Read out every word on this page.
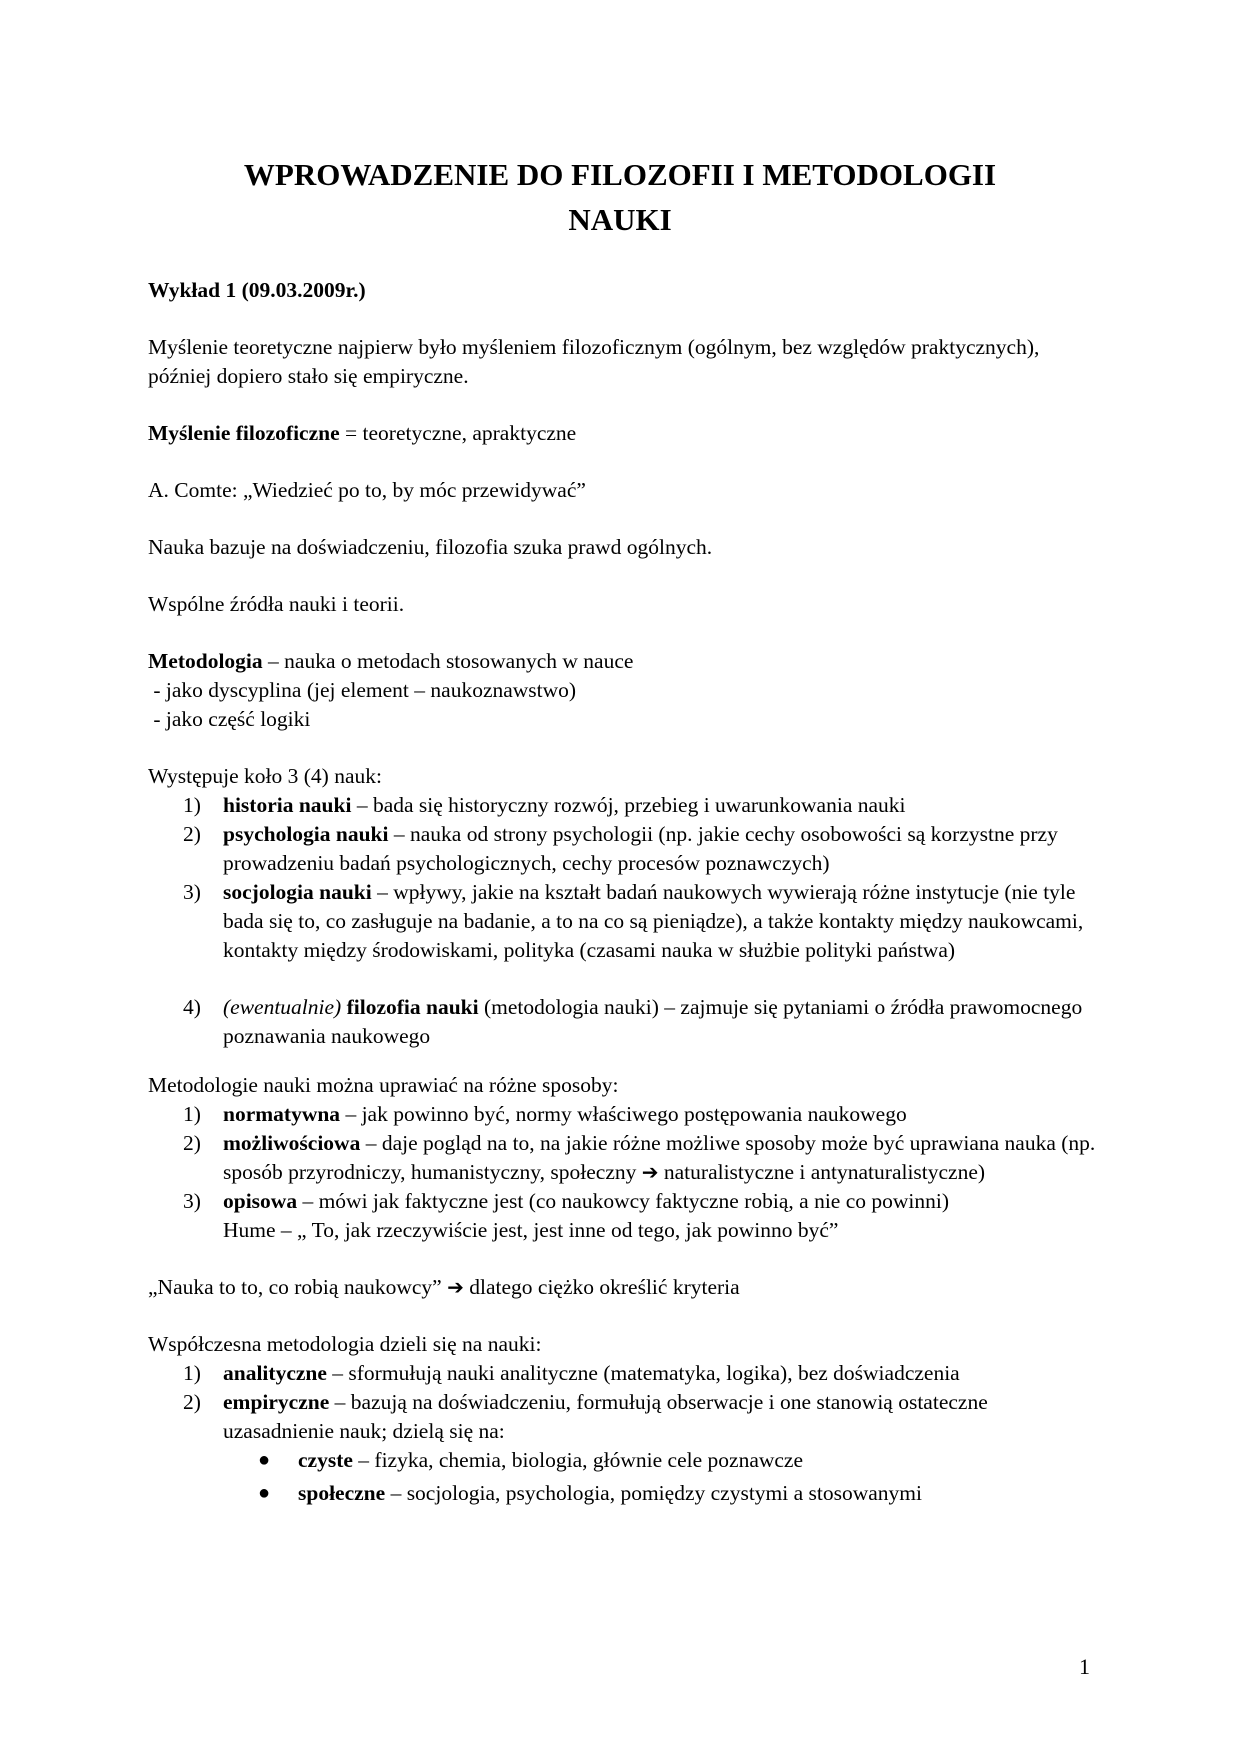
WPROWADZENIE DO FILOZOFII I METODOLOGII
NAUKI

Wykład 1 (09.03.2009r.)

Myślenie teoretyczne najpierw było myśleniem filozoficznym (ogólnym, bez względów praktycznych), później dopiero stało się empiryczne.

Myślenie filozoficzne = teoretyczne, apraktyczne

A. Comte: „Wiedzieć po to, by móc przewidywać”

Nauka bazuje na doświadczeniu, filozofia szuka prawd ogólnych.

Wspólne źródła nauki i teorii.

Metodologia – nauka o metodach stosowanych w nauce

- jako dyscyplina (jej element – naukoznawstwo)

- jako część logiki

Występuje koło 3 (4) nauk:

1) historia nauki – bada się historyczny rozwój, przebieg i uwarunkowania nauki
2) psychologia nauki – nauka od strony psychologii (np. jakie cechy osobowości są korzystne przy prowadzeniu badań psychologicznych, cechy procesów poznawczych)
3) socjologia nauki – wpływy, jakie na kształt badań naukowych wywierają różne instytucje (nie tyle bada się to, co zasługuje na badanie, a to na co są pieniądze), a także kontakty między naukowcami, kontakty między środowiskami, polityka (czasami nauka w służbie polityki państwa)
4) (ewentualnie) filozofia nauki (metodologia nauki) – zajmuje się pytaniami o źródła prawomocnego poznawania naukowego

Metodologie nauki można uprawiać na różne sposoby:

1) normatywna – jak powinno być, normy właściwego postępowania naukowego
2) możliwościowa – daje pogląd na to, na jakie różne możliwe sposoby może być uprawiana nauka (np. sposób przyrodniczy, humanistyczny, społeczny ➔ naturalistyczne i antynaturalistyczne)
3) opisowa – mówi jak faktyczne jest (co naukowcy faktyczne robią, a nie co powinni)
Hume – „ To, jak rzeczywiście jest, jest inne od tego, jak powinno być”

„Nauka to to, co robią naukowcy” ➔ dlatego ciężko określić kryteria

Współczesna metodologia dzieli się na nauki:

1) analityczne – sformułują nauki analityczne (matematyka, logika), bez doświadczenia
2) empiryczne – bazują na doświadczeniu, formułują obserwacje i one stanowią ostateczne uzasadnienie nauk; dzielą się na:
● czyste – fizyka, chemia, biologia, głównie cele poznawcze
● społeczne – socjologia, psychologia, pomiędzy czystymi a stosowanymi
1
